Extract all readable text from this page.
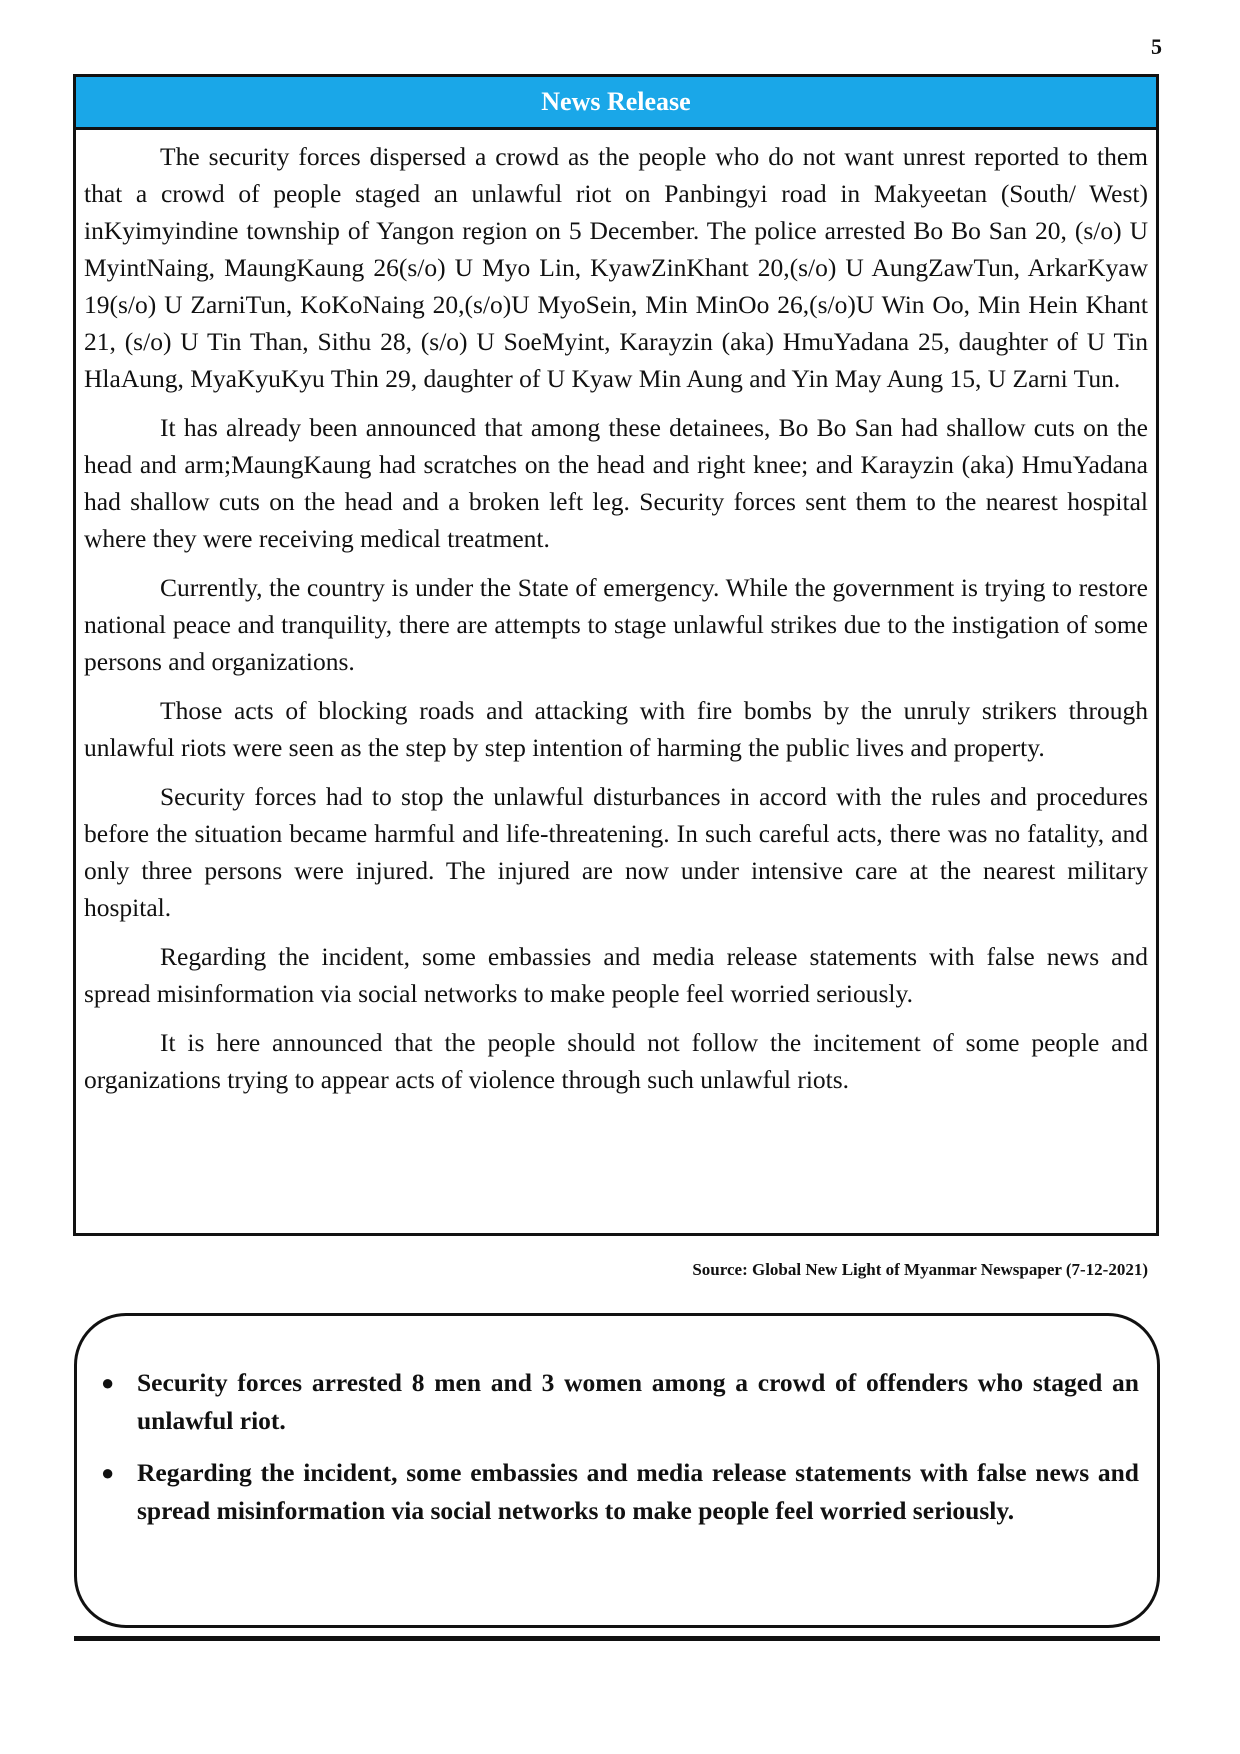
5
News Release

The security forces dispersed a crowd as the people who do not want unrest reported to them that a crowd of people staged an unlawful riot on Panbingyi road in Makyeetan (South/ West) inKyimyindine township of Yangon region on 5 December. The police arrested Bo Bo San 20, (s/o) U MyintNaing, MaungKaung 26(s/o) U Myo Lin, KyawZinKhant 20,(s/o) U AungZawTun, ArkarKyaw 19(s/o) U ZarniTun, KoKoNaing 20,(s/o)U MyoSein, Min MinOo 26,(s/o)U Win Oo, Min Hein Khant 21, (s/o) U Tin Than, Sithu 28, (s/o) U SoeMyint, Karayzin (aka) HmuYadana 25, daughter of U Tin HlaAung, MyaKyuKyu Thin 29, daughter of U Kyaw Min Aung and Yin May Aung 15, U Zarni Tun.

It has already been announced that among these detainees, Bo Bo San had shallow cuts on the head and arm;MaungKaung had scratches on the head and right knee; and Karayzin (aka) HmuYadana had shallow cuts on the head and a broken left leg. Security forces sent them to the nearest hospital where they were receiving medical treatment.

Currently, the country is under the State of emergency. While the government is trying to restore national peace and tranquility, there are attempts to stage unlawful strikes due to the instigation of some persons and organizations.

Those acts of blocking roads and attacking with fire bombs by the unruly strikers through unlawful riots were seen as the step by step intention of harming the public lives and property.

Security forces had to stop the unlawful disturbances in accord with the rules and procedures before the situation became harmful and life-threatening. In such careful acts, there was no fatality, and only three persons were injured. The injured are now under intensive care at the nearest military hospital.

Regarding the incident, some embassies and media release statements with false news and spread misinformation via social networks to make people feel worried seriously.

It is here announced that the people should not follow the incitement of some people and organizations trying to appear acts of violence through such unlawful riots.

Source: Global New Light of Myanmar Newspaper (7-12-2021)
● Security forces arrested 8 men and 3 women among a crowd of offenders who staged an unlawful riot.
● Regarding the incident, some embassies and media release statements with false news and spread misinformation via social networks to make people feel worried seriously.
